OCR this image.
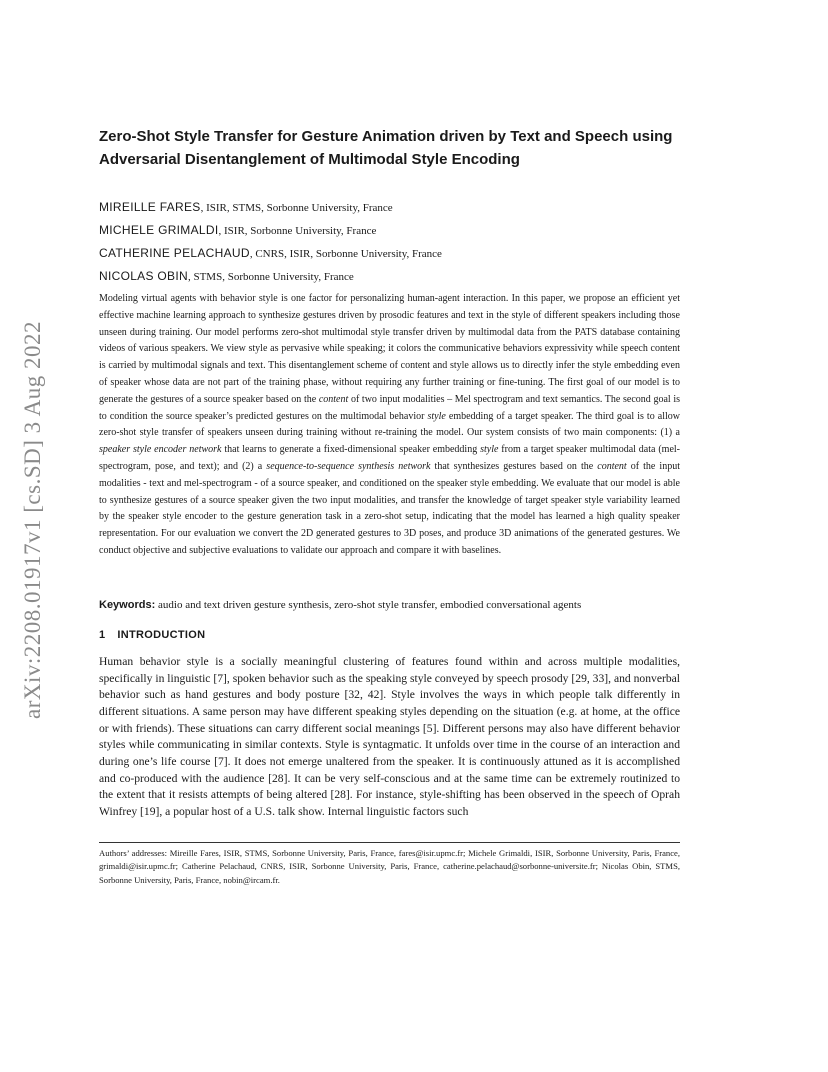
arXiv:2208.01917v1 [cs.SD] 3 Aug 2022
Zero-Shot Style Transfer for Gesture Animation driven by Text and Speech using Adversarial Disentanglement of Multimodal Style Encoding
MIREILLE FARES, ISIR, STMS, Sorbonne University, France
MICHELE GRIMALDI, ISIR, Sorbonne University, France
CATHERINE PELACHAUD, CNRS, ISIR, Sorbonne University, France
NICOLAS OBIN, STMS, Sorbonne University, France

Modeling virtual agents with behavior style is one factor for personalizing human-agent interaction. In this paper, we propose an efficient yet effective machine learning approach to synthesize gestures driven by prosodic features and text in the style of different speakers including those unseen during training. Our model performs zero-shot multimodal style transfer driven by multimodal data from the PATS database containing videos of various speakers. We view style as pervasive while speaking; it colors the communicative behaviors expressivity while speech content is carried by multimodal signals and text. This disentanglement scheme of content and style allows us to directly infer the style embedding even of speaker whose data are not part of the training phase, without requiring any further training or fine-tuning. The first goal of our model is to generate the gestures of a source speaker based on the content of two input modalities – Mel spectrogram and text semantics. The second goal is to condition the source speaker’s predicted gestures on the multimodal behavior style embedding of a target speaker. The third goal is to allow zero-shot style transfer of speakers unseen during training without re-training the model. Our system consists of two main components: (1) a speaker style encoder network that learns to generate a fixed-dimensional speaker embedding style from a target speaker multimodal data (mel-spectrogram, pose, and text); and (2) a sequence-to-sequence synthesis network that synthesizes gestures based on the content of the input modalities - text and mel-spectrogram - of a source speaker, and conditioned on the speaker style embedding. We evaluate that our model is able to synthesize gestures of a source speaker given the two input modalities, and transfer the knowledge of target speaker style variability learned by the speaker style encoder to the gesture generation task in a zero-shot setup, indicating that the model has learned a high quality speaker representation. For our evaluation we convert the 2D generated gestures to 3D poses, and produce 3D animations of the generated gestures. We conduct objective and subjective evaluations to validate our approach and compare it with baselines.

Keywords: audio and text driven gesture synthesis, zero-shot style transfer, embodied conversational agents
1 INTRODUCTION

Human behavior style is a socially meaningful clustering of features found within and across multiple modalities, specifically in linguistic [7], spoken behavior such as the speaking style conveyed by speech prosody [29, 33], and nonverbal behavior such as hand gestures and body posture [32, 42]. Style involves the ways in which people talk differently in different situations. A same person may have different speaking styles depending on the situation (e.g. at home, at the office or with friends). These situations can carry different social meanings [5]. Different persons may also have different behavior styles while communicating in similar contexts. Style is syntagmatic. It unfolds over time in the course of an interaction and during one’s life course [7]. It does not emerge unaltered from the speaker. It is continuously attuned as it is accomplished and co-produced with the audience [28]. It can be very self-conscious and at the same time can be extremely routinized to the extent that it resists attempts of being altered [28]. For instance, style-shifting has been observed in the speech of Oprah Winfrey [19], a popular host of a U.S. talk show. Internal linguistic factors such

Authors’ addresses: Mireille Fares, ISIR, STMS, Sorbonne University, Paris, France, fares@isir.upmc.fr; Michele Grimaldi, ISIR, Sorbonne University, Paris, France, grimaldi@isir.upmc.fr; Catherine Pelachaud, CNRS, ISIR, Sorbonne University, Paris, France, catherine.pelachaud@sorbonne-universite.fr; Nicolas Obin, STMS, Sorbonne University, Paris, France, nobin@ircam.fr.
